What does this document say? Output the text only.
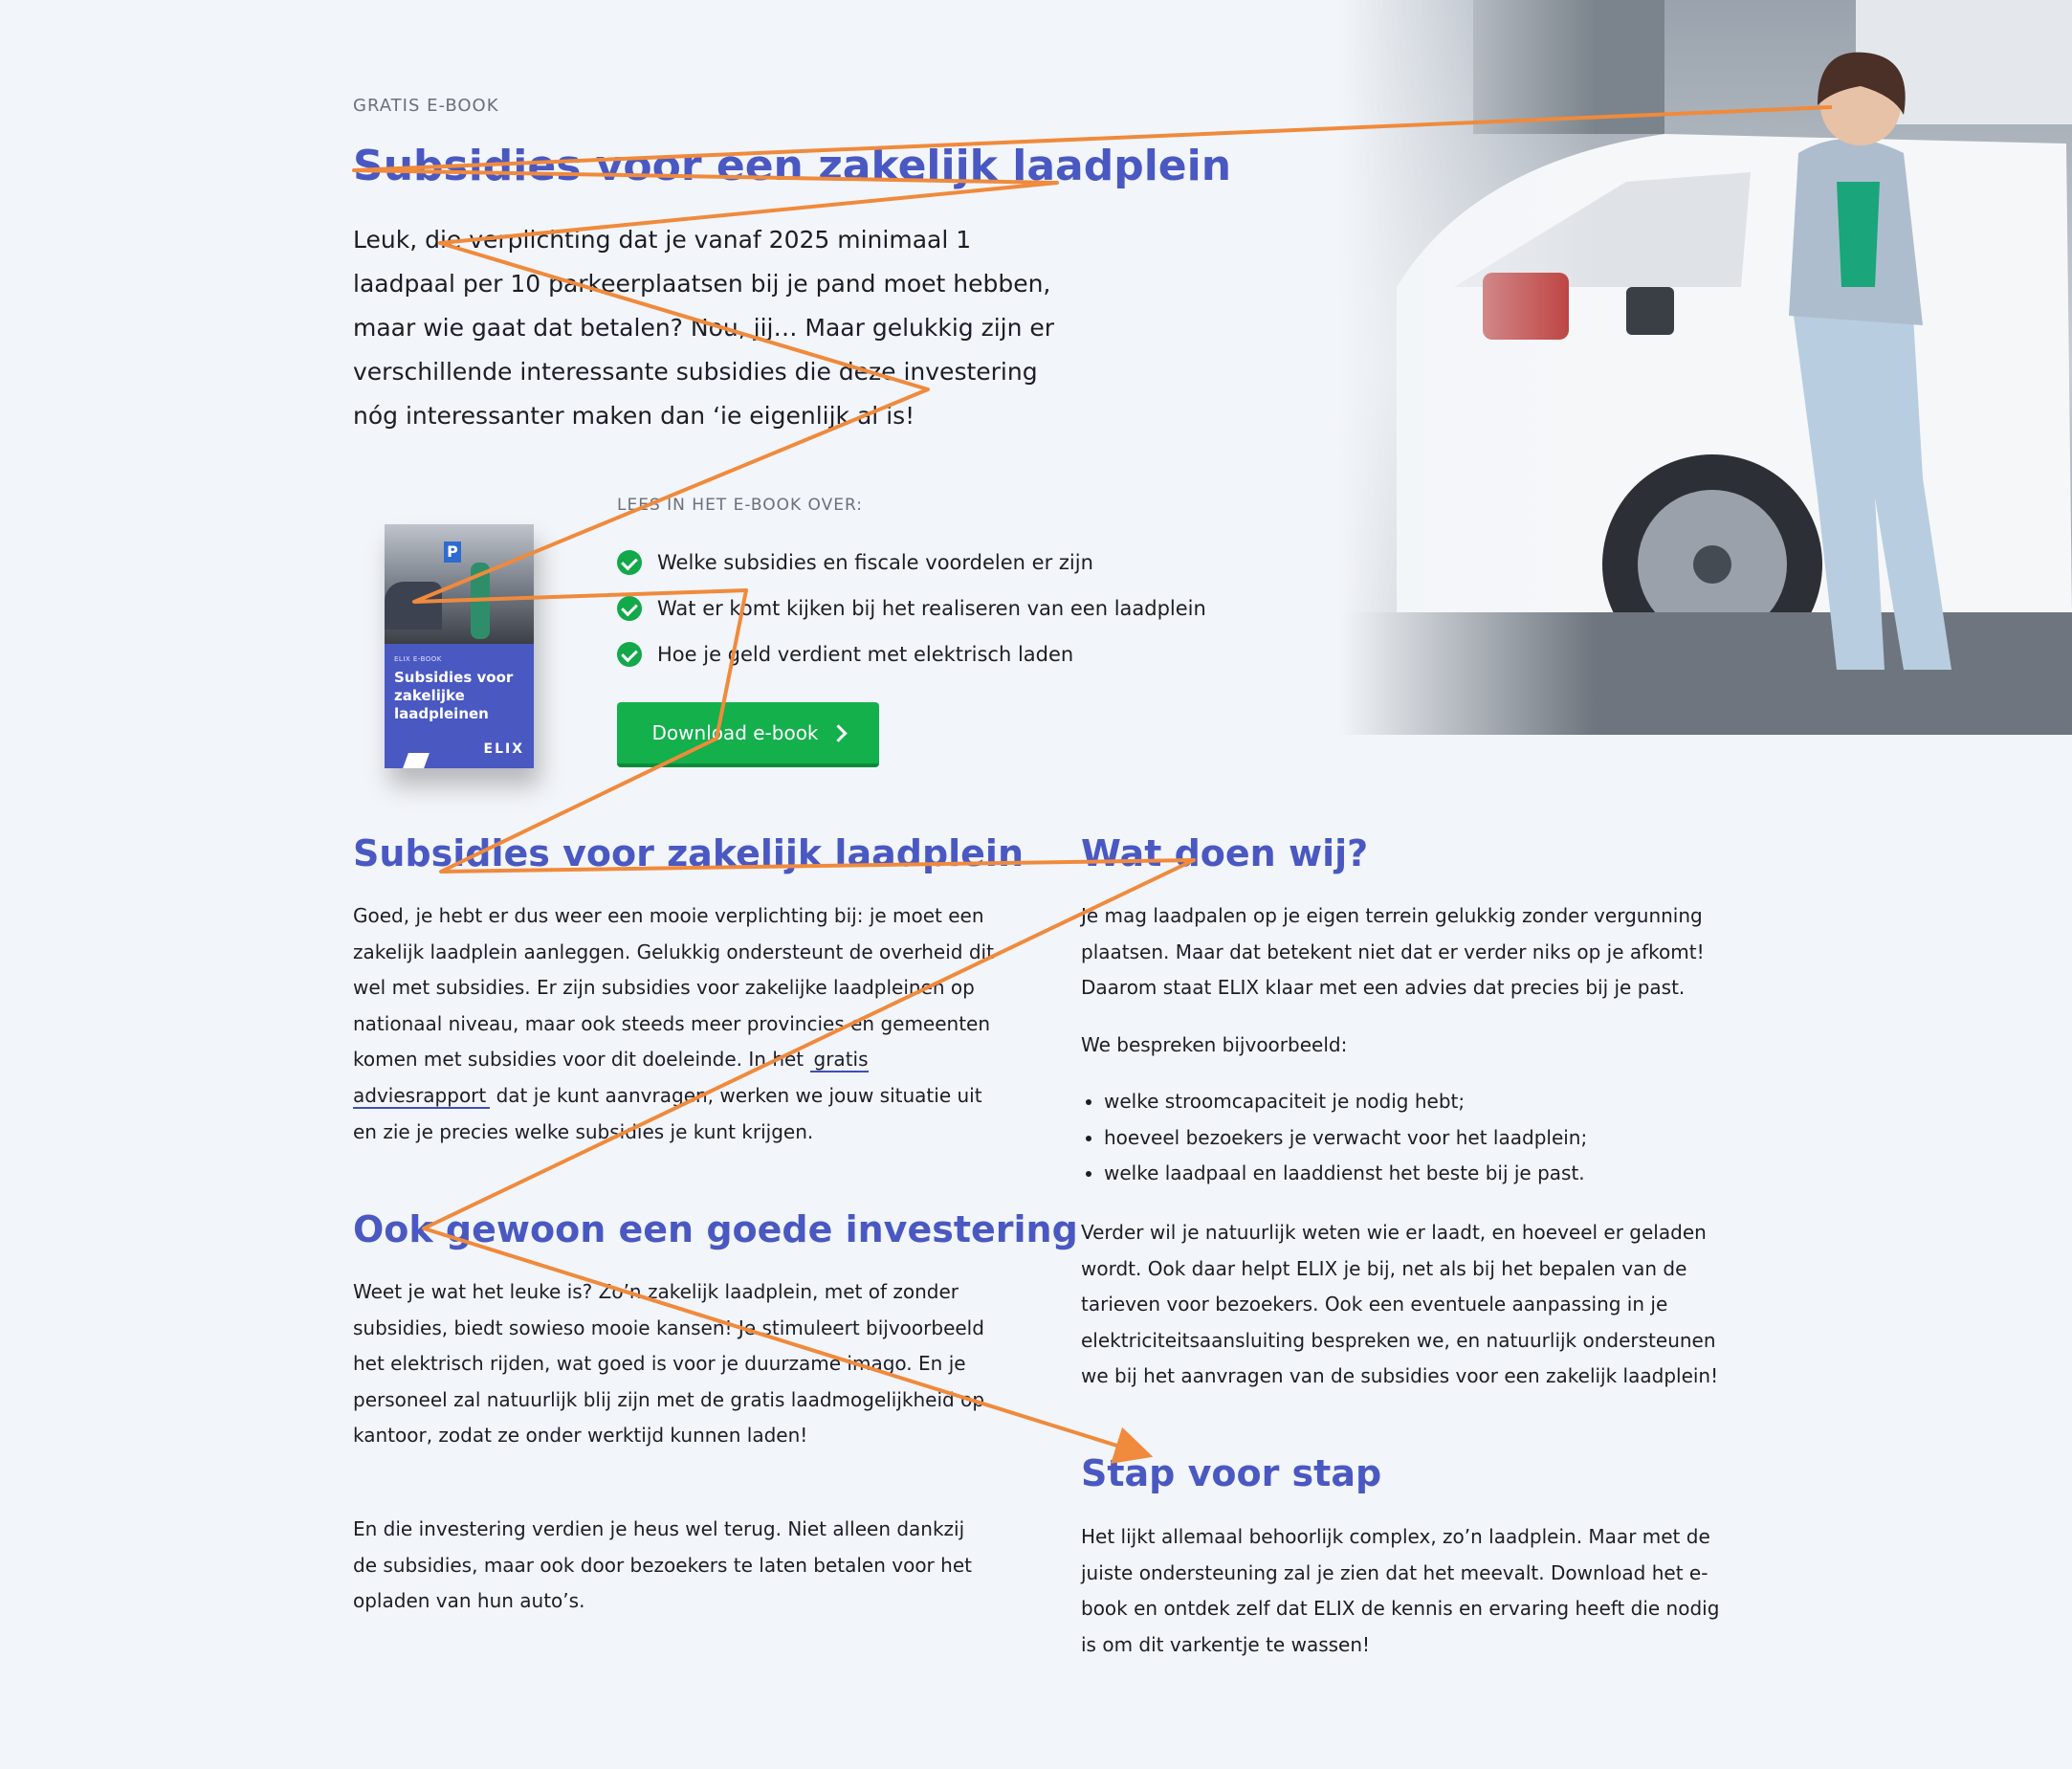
GRATIS E-BOOK
Subsidies voor een zakelijk laadplein

Leuk, die verplichting dat je vanaf 2025 minimaal 1 laadpaal per 10 parkeerplaatsen bij je pand moet hebben, maar wie gaat dat betalen? Nou, jij… Maar gelukkig zijn er verschillende interessante subsidies die deze investering nóg interessanter maken dan ‘ie eigenlijk al is!

P
ELIX E-BOOK
Subsidies voor zakelijke laadpleinen
ELIX
LEES IN HET E-BOOK OVER:
Welke subsidies en fiscale voordelen er zijn
Wat er komt kijken bij het realiseren van een laadplein
Hoe je geld verdient met elektrisch laden
Download e-book
Subsidies voor zakelijk laadplein

Goed, je hebt er dus weer een mooie verplichting bij: je moet een zakelijk laadplein aanleggen. Gelukkig ondersteunt de overheid dit wel met subsidies. Er zijn subsidies voor zakelijke laadpleinen op nationaal niveau, maar ook steeds meer provincies en gemeenten komen met subsidies voor dit doeleinde. In het gratis adviesrapport dat je kunt aanvragen, werken we jouw situatie uit en zie je precies welke subsidies je kunt krijgen.

Ook gewoon een goede investering

Weet je wat het leuke is? Zo’n zakelijk laadplein, met of zonder subsidies, biedt sowieso mooie kansen! Je stimuleert bijvoorbeeld het elektrisch rijden, wat goed is voor je duurzame imago. En je personeel zal natuurlijk blij zijn met de gratis laadmogelijkheid op kantoor, zodat ze onder werktijd kunnen laden!

En die investering verdien je heus wel terug. Niet alleen dankzij de subsidies, maar ook door bezoekers te laten betalen voor het opladen van hun auto’s.

Wat doen wij?

Je mag laadpalen op je eigen terrein gelukkig zonder vergunning plaatsen. Maar dat betekent niet dat er verder niks op je afkomt! Daarom staat ELIX klaar met een advies dat precies bij je past.

We bespreken bijvoorbeeld:

• welke stroomcapaciteit je nodig hebt;
• hoeveel bezoekers je verwacht voor het laadplein;
• welke laadpaal en laaddienst het beste bij je past.

Verder wil je natuurlijk weten wie er laadt, en hoeveel er geladen wordt. Ook daar helpt ELIX je bij, net als bij het bepalen van de tarieven voor bezoekers. Ook een eventuele aanpassing in je elektriciteitsaansluiting bespreken we, en natuurlijk ondersteunen we bij het aanvragen van de subsidies voor een zakelijk laadplein!

Stap voor stap

Het lijkt allemaal behoorlijk complex, zo’n laadplein. Maar met de juiste ondersteuning zal je zien dat het meevalt. Download het e-book en ontdek zelf dat ELIX de kennis en ervaring heeft die nodig is om dit varkentje te wassen!
